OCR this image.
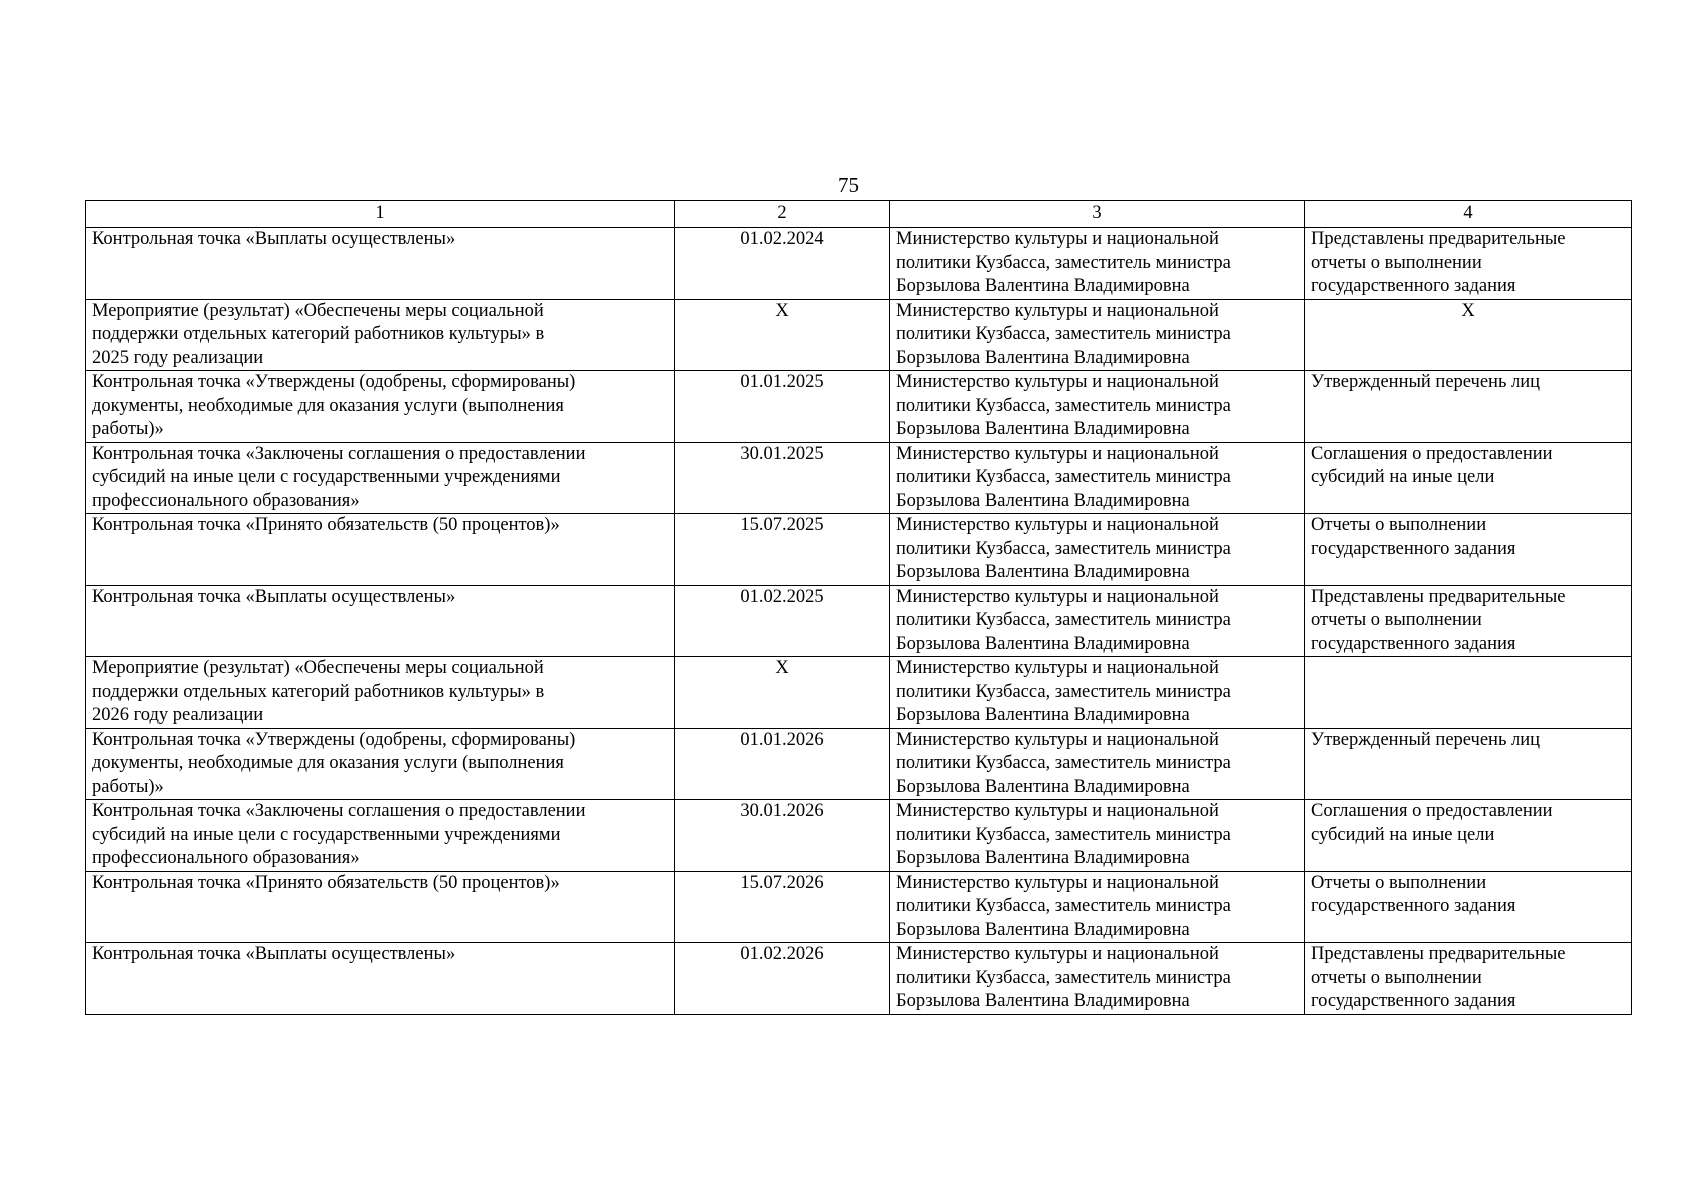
75
1	2	3	4

Контрольная точка «Выплаты осуществлены»	01.02.2024	Министерство культуры и национальной
политики Кузбасса, заместитель министра
Борзылова Валентина Владимировна	Представлены предварительные
отчеты о выполнении
государственного задания

Мероприятие (результат) «Обеспечены меры социальной
поддержки отдельных категорий работников культуры» в
2025 году реализации	X	Министерство культуры и национальной
политики Кузбасса, заместитель министра
Борзылова Валентина Владимировна	X

Контрольная точка «Утверждены (одобрены, сформированы)
документы, необходимые для оказания услуги (выполнения
работы)»	01.01.2025	Министерство культуры и национальной
политики Кузбасса, заместитель министра
Борзылова Валентина Владимировна	Утвержденный перечень лиц

Контрольная точка «Заключены соглашения о предоставлении
субсидий на иные цели с государственными учреждениями
профессионального образования»	30.01.2025	Министерство культуры и национальной
политики Кузбасса, заместитель министра
Борзылова Валентина Владимировна	Соглашения о предоставлении
субсидий на иные цели

Контрольная точка «Принято обязательств (50 процентов)»	15.07.2025	Министерство культуры и национальной
политики Кузбасса, заместитель министра
Борзылова Валентина Владимировна	Отчеты о выполнении
государственного задания

Контрольная точка «Выплаты осуществлены»	01.02.2025	Министерство культуры и национальной
политики Кузбасса, заместитель министра
Борзылова Валентина Владимировна	Представлены предварительные
отчеты о выполнении
государственного задания

Мероприятие (результат) «Обеспечены меры социальной
поддержки отдельных категорий работников культуры» в
2026 году реализации	X	Министерство культуры и национальной
политики Кузбасса, заместитель министра
Борзылова Валентина Владимировна	

Контрольная точка «Утверждены (одобрены, сформированы)
документы, необходимые для оказания услуги (выполнения
работы)»	01.01.2026	Министерство культуры и национальной
политики Кузбасса, заместитель министра
Борзылова Валентина Владимировна	Утвержденный перечень лиц

Контрольная точка «Заключены соглашения о предоставлении
субсидий на иные цели с государственными учреждениями
профессионального образования»	30.01.2026	Министерство культуры и национальной
политики Кузбасса, заместитель министра
Борзылова Валентина Владимировна	Соглашения о предоставлении
субсидий на иные цели

Контрольная точка «Принято обязательств (50 процентов)»	15.07.2026	Министерство культуры и национальной
политики Кузбасса, заместитель министра
Борзылова Валентина Владимировна	Отчеты о выполнении
государственного задания

Контрольная точка «Выплаты осуществлены»	01.02.2026	Министерство культуры и национальной
политики Кузбасса, заместитель министра
Борзылова Валентина Владимировна	Представлены предварительные
отчеты о выполнении
государственного задания
